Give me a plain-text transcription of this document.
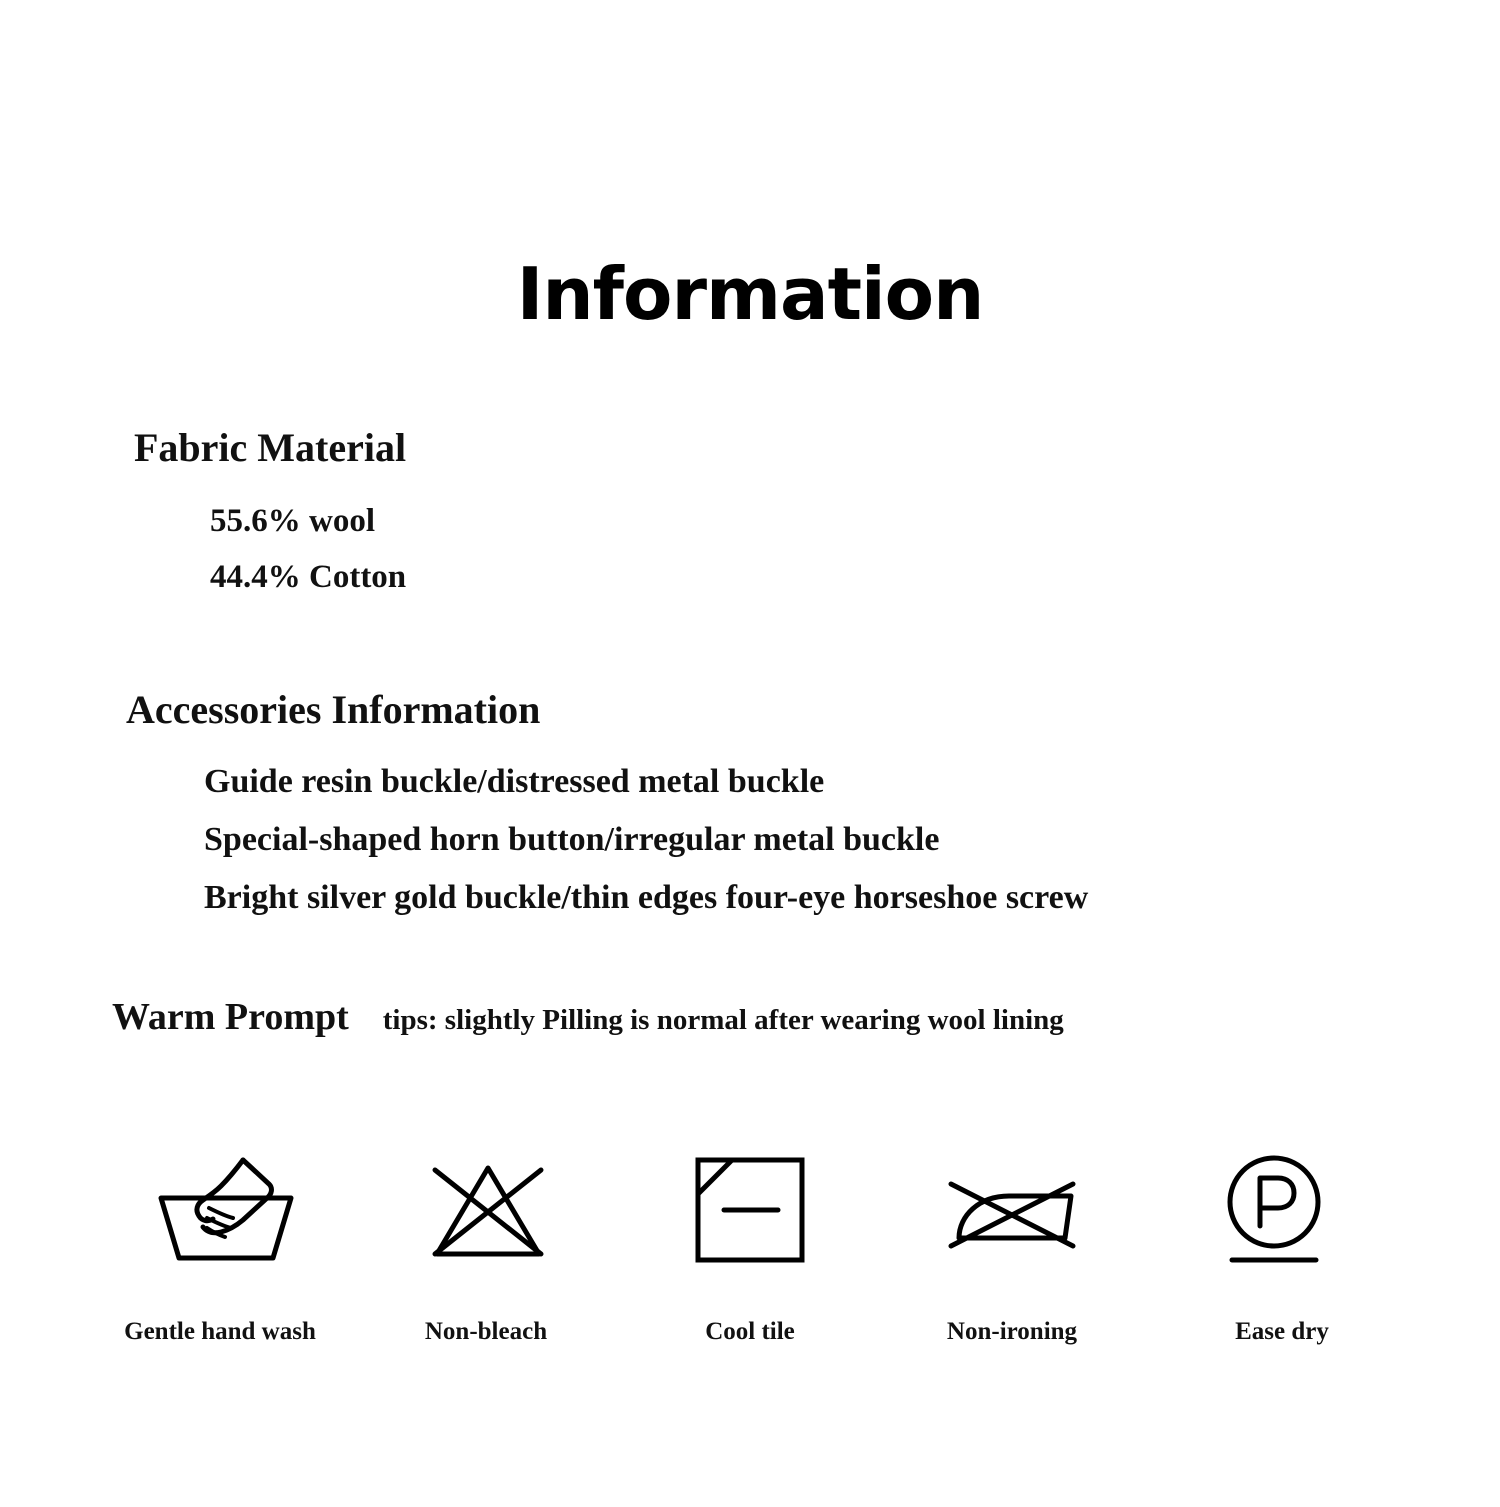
Information
Fabric Material
55.6% wool
44.4% Cotton
Accessories Information
Guide resin buckle/distressed metal buckle
Special-shaped horn button/irregular metal buckle
Bright silver gold buckle/thin edges four-eye horseshoe screw
Warm Prompt tips: slightly Pilling is normal after wearing wool lining
Gentle hand wash	Non-bleach	Cool tile	Non-ironing	Ease dry
